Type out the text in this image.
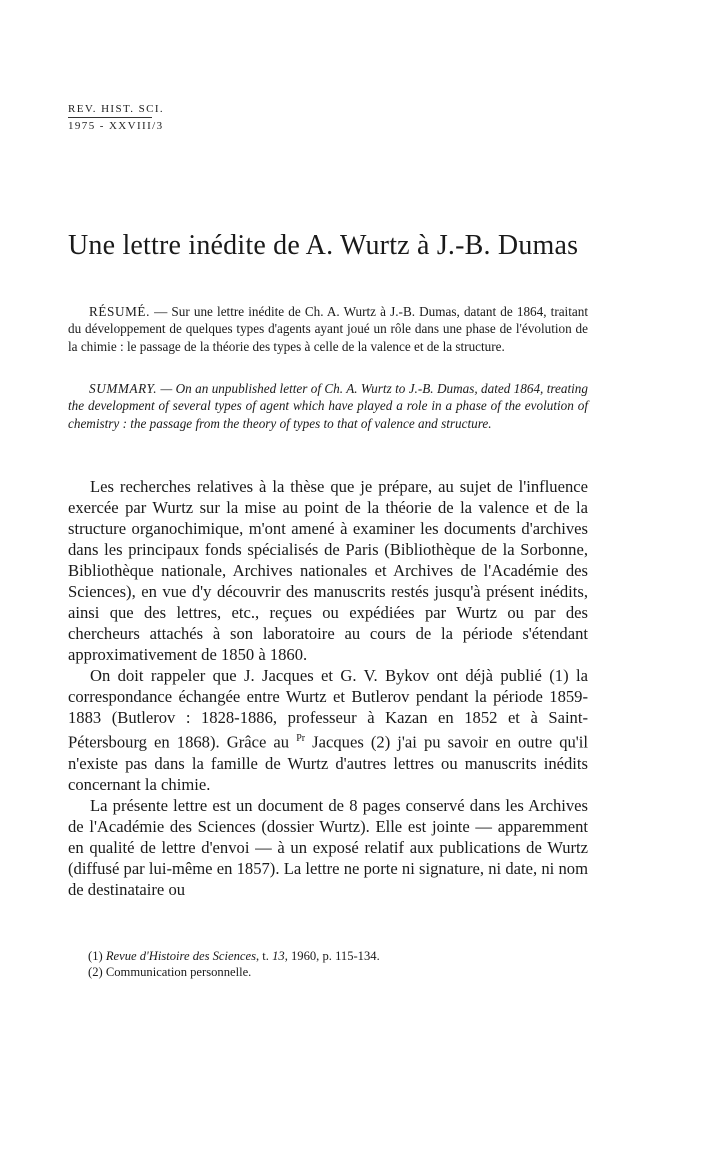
REV. HIST. SCI.
1975 - XXVIII/3
Une lettre inédite de A. Wurtz à J.-B. Dumas

RÉSUMÉ. — Sur une lettre inédite de Ch. A. Wurtz à J.-B. Dumas, datant de 1864, traitant du développement de quelques types d'agents ayant joué un rôle dans une phase de l'évolution de la chimie : le passage de la théorie des types à celle de la valence et de la structure.

SUMMARY. — On an unpublished letter of Ch. A. Wurtz to J.-B. Dumas, dated 1864, treating the development of several types of agent which have played a role in a phase of the evolution of chemistry : the passage from the theory of types to that of valence and structure.

Les recherches relatives à la thèse que je prépare, au sujet de l'influence exercée par Wurtz sur la mise au point de la théorie de la valence et de la structure organochimique, m'ont amené à examiner les documents d'archives dans les principaux fonds spécialisés de Paris (Bibliothèque de la Sorbonne, Bibliothèque nationale, Archives nationales et Archives de l'Académie des Sciences), en vue d'y découvrir des manuscrits restés jusqu'à présent inédits, ainsi que des lettres, etc., reçues ou expédiées par Wurtz ou par des chercheurs attachés à son laboratoire au cours de la période s'étendant approximativement de 1850 à 1860.

On doit rappeler que J. Jacques et G. V. Bykov ont déjà publié (1) la correspondance échangée entre Wurtz et Butlerov pendant la période 1859-1883 (Butlerov : 1828-1886, professeur à Kazan en 1852 et à Saint-Pétersbourg en 1868). Grâce au $^{Pr}$ Jacques (2) j'ai pu savoir en outre qu'il n'existe pas dans la famille de Wurtz d'autres lettres ou manuscrits inédits concernant la chimie.

La présente lettre est un document de 8 pages conservé dans les Archives de l'Académie des Sciences (dossier Wurtz). Elle est jointe — apparemment en qualité de lettre d'envoi — à un exposé relatif aux publications de Wurtz (diffusé par lui-même en 1857). La lettre ne porte ni signature, ni date, ni nom de destinataire ou

(1) Revue d'Histoire des Sciences, t. 13, 1960, p. 115-134.
(2) Communication personnelle.
